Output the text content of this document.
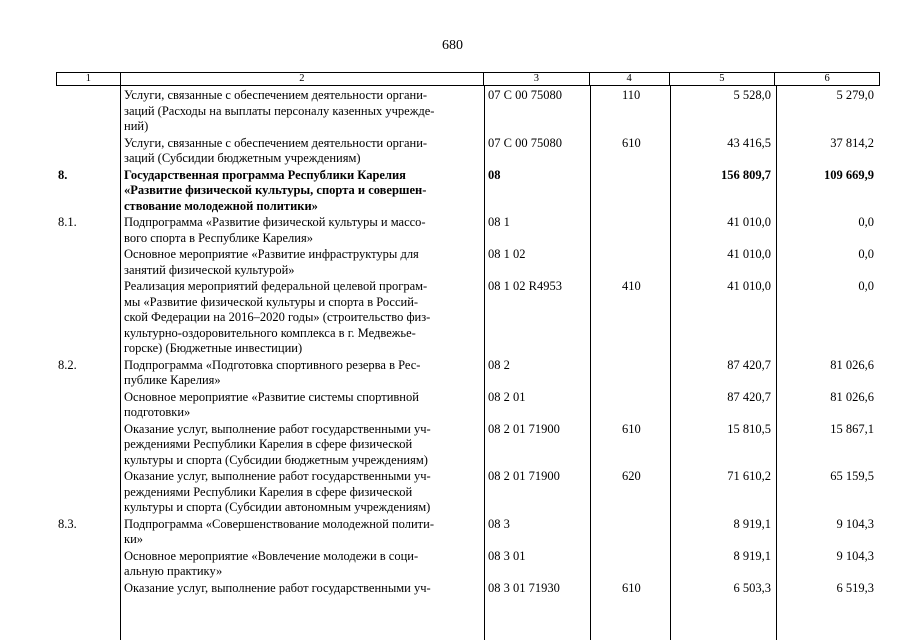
680
1	2	3	4	5	6
Услуги, связанные с обеспечением деятельности органи-
заций (Расходы на выплаты персоналу казенных учрежде-
ний)
07 С 00 75080	110	5 528,0	5 279,0
Услуги, связанные с обеспечением деятельности органи-
заций (Субсидии бюджетным учреждениям)
07 С 00 75080	610	43 416,5	37 814,2
8.	Государственная программа Республики Карелия
«Развитие физической культуры, спорта и совершен-
ствование молодежной политики»
08	156 809,7	109 669,9
8.1.	Подпрограмма «Развитие физической культуры и массо-
вого спорта в Республике Карелия»
08 1	41 010,0	0,0
Основное мероприятие «Развитие инфраструктуры для
занятий физической культурой»
08 1 02	41 010,0	0,0
Реализация мероприятий федеральной целевой програм-
мы «Развитие физической культуры и спорта в Россий-
ской Федерации на 2016–2020 годы» (строительство физ-
культурно-оздоровительного комплекса в г. Медвежье-
горске) (Бюджетные инвестиции)
08 1 02 R4953	410	41 010,0	0,0
8.2.	Подпрограмма «Подготовка спортивного резерва в Рес-
публике Карелия»
08 2	87 420,7	81 026,6
Основное мероприятие «Развитие системы спортивной
подготовки»
08 2 01	87 420,7	81 026,6
Оказание услуг, выполнение работ государственными уч-
реждениями Республики Карелия в сфере физической
культуры и спорта (Субсидии бюджетным учреждениям)
08 2 01 71900	610	15 810,5	15 867,1
Оказание услуг, выполнение работ государственными уч-
реждениями Республики Карелия в сфере физической
культуры и спорта (Субсидии автономным учреждениям)
08 2 01 71900	620	71 610,2	65 159,5
8.3.	Подпрограмма «Совершенствование молодежной полити-
ки»
08 3	8 919,1	9 104,3
Основное мероприятие «Вовлечение молодежи в соци-
альную практику»
08 3 01	8 919,1	9 104,3
Оказание услуг, выполнение работ государственными уч-	08 3 01 71930	610	6 503,3	6 519,3
